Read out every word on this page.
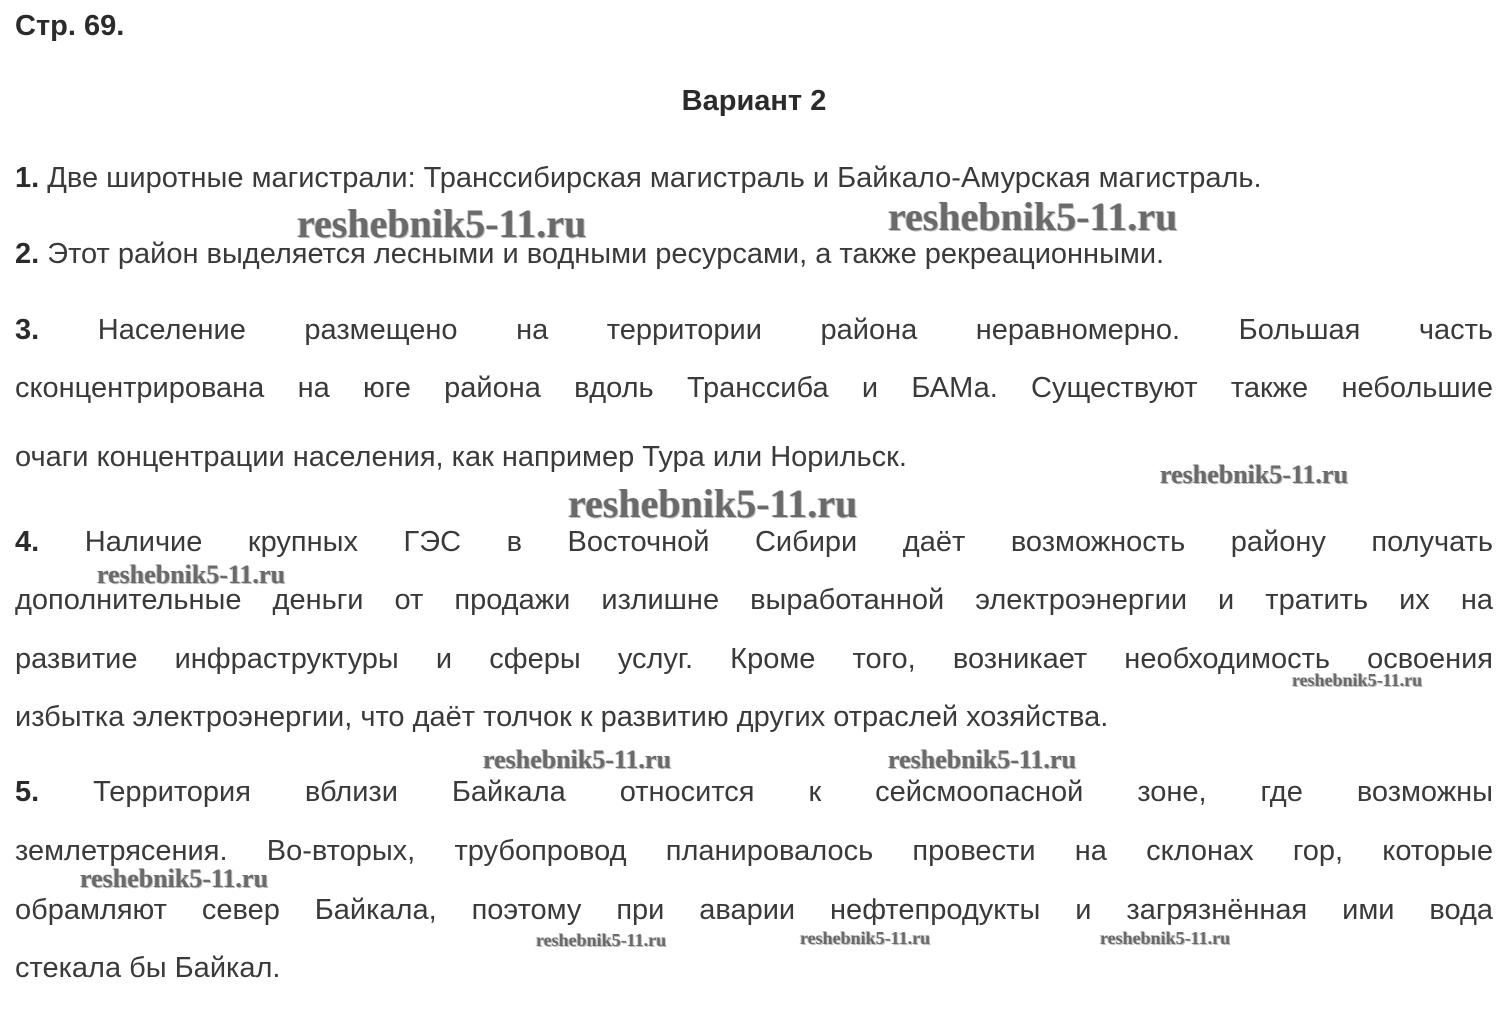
Стр. 69.
Вариант 2
1. Две широтные магистрали: Транссибирская магистраль и Байкало-Амурская магистраль.
2. Этот район выделяется лесными и водными ресурсами, а также рекреационными.
3. Население размещено на территории района неравномерно. Большая часть
сконцентрирована на юге района вдоль Транссиба и БАМа. Существуют также небольшие
очаги концентрации населения, как например Тура или Норильск.
4. Наличие крупных ГЭС в Восточной Сибири даёт возможность району получать
дополнительные деньги от продажи излишне выработанной электроэнергии и тратить их на
развитие инфраструктуры и сферы услуг. Кроме того, возникает необходимость освоения
избытка электроэнергии, что даёт толчок к развитию других отраслей хозяйства.
5. Территория вблизи Байкала относится к сейсмоопасной зоне, где возможны
землетрясения. Во-вторых, трубопровод планировалось провести на склонах гор, которые
обрамляют север Байкала, поэтому при аварии нефтепродукты и загрязнённая ими вода
стекала бы Байкал.
reshebnik5-11.ru	reshebnik5-11.ru
reshebnik5-11.ru
reshebnik5-11.ru
reshebnik5-11.ru
reshebnik5-11.ru
reshebnik5-11.ru	reshebnik5-11.ru
reshebnik5-11.ru
reshebnik5-11.ru	reshebnik5-11.ru	reshebnik5-11.ru
